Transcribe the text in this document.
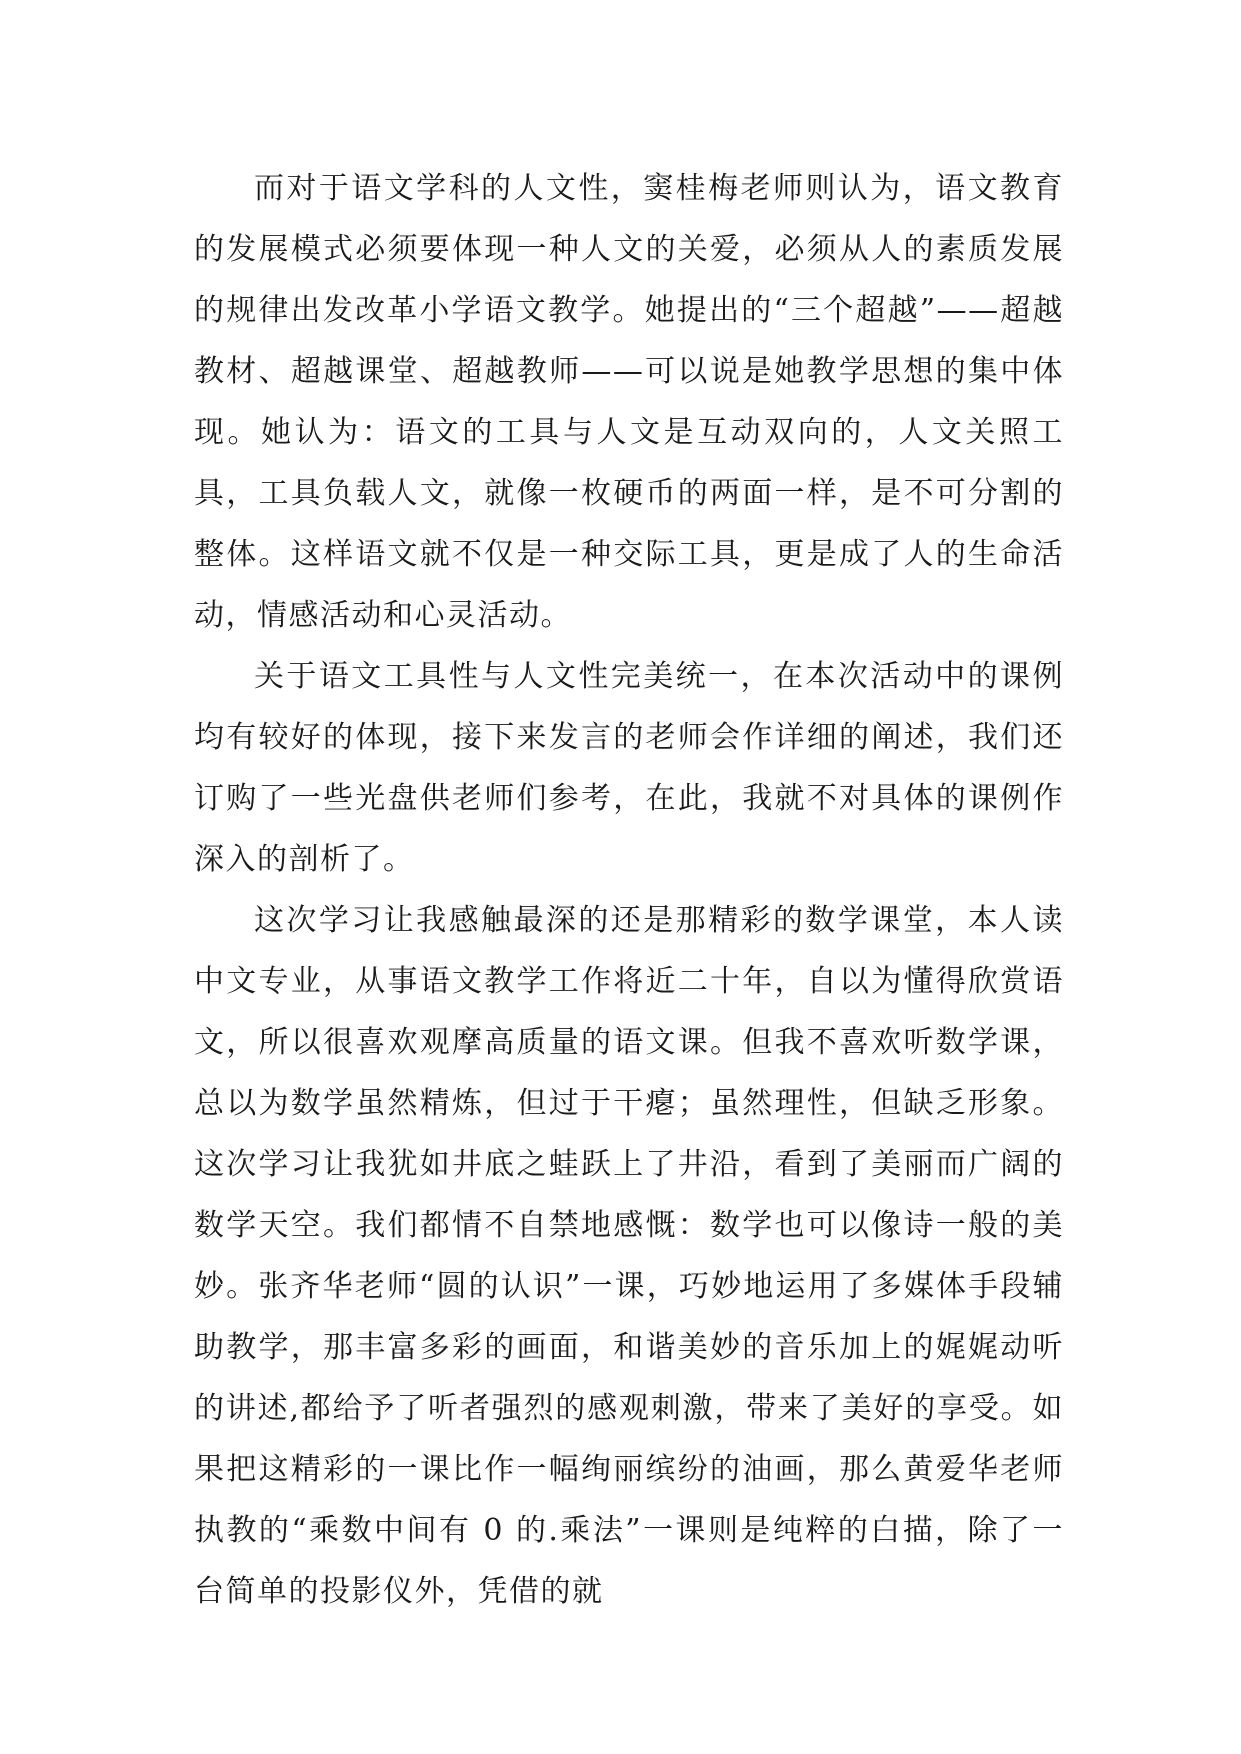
而对于语文学科的人文性，窦桂梅老师则认为，语文教育的发展模式必须要体现一种人文的关爱，必须从人的素质发展的规律出发改革小学语文教学。她提出的“三个超越”——超越教材、超越课堂、超越教师——可以说是她教学思想的集中体现。她认为：语文的工具与人文是互动双向的，人文关照工具，工具负载人文，就像一枚硬币的两面一样，是不可分割的整体。这样语文就不仅是一种交际工具，更是成了人的生命活动，情感活动和心灵活动。

关于语文工具性与人文性完美统一，在本次活动中的课例均有较好的体现，接下来发言的老师会作详细的阐述，我们还订购了一些光盘供老师们参考，在此，我就不对具体的课例作深入的剖析了。

这次学习让我感触最深的还是那精彩的数学课堂，本人读中文专业，从事语文教学工作将近二十年，自以为懂得欣赏语文，所以很喜欢观摩高质量的语文课。但我不喜欢听数学课，总以为数学虽然精炼，但过于干瘪；虽然理性，但缺乏形象。这次学习让我犹如井底之蛙跃上了井沿，看到了美丽而广阔的数学天空。我们都情不自禁地感慨：数学也可以像诗一般的美妙。张齐华老师“圆的认识”一课，巧妙地运用了多媒体手段辅助教学，那丰富多彩的画面，和谐美妙的音乐加上的娓娓动听的讲述,都给予了听者强烈的感观刺激，带来了美好的享受。如果把这精彩的一课比作一幅绚丽缤纷的油画，那么黄爱华老师执教的“乘数中间有 0 的.乘法”一课则是纯粹的白描，除了一台简单的投影仪外，凭借的就
